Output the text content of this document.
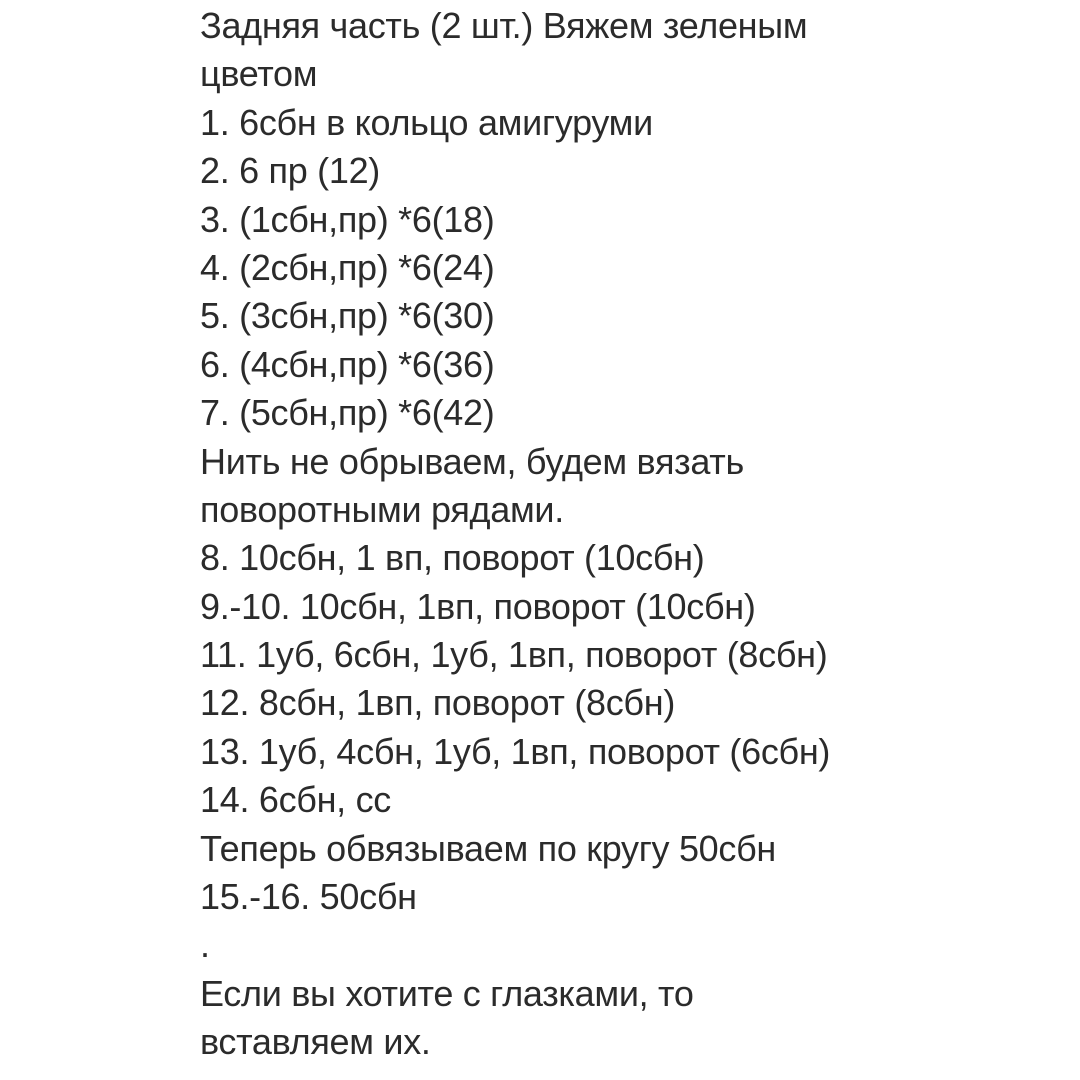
Задняя часть (2 шт.) Вяжем зеленым
цветом
1. 6сбн в кольцо амигуруми
2. 6 пр (12)
3. (1сбн,пр) *6(18)
4. (2сбн,пр) *6(24)
5. (3сбн,пр) *6(30)
6. (4сбн,пр) *6(36)
7. (5сбн,пр) *6(42)
Нить не обрываем, будем вязать
поворотными рядами.
8. 10сбн, 1 вп, поворот (10сбн)
9.-10. 10сбн, 1вп, поворот (10сбн)
11. 1уб, 6сбн, 1уб, 1вп, поворот (8сбн)
12. 8сбн, 1вп, поворот (8сбн)
13. 1уб, 4сбн, 1уб, 1вп, поворот (6сбн)
14. 6сбн, сс
Теперь обвязываем по кругу 50сбн
15.-16. 50сбн
.
Если вы хотите с глазками, то
вставляем их.
